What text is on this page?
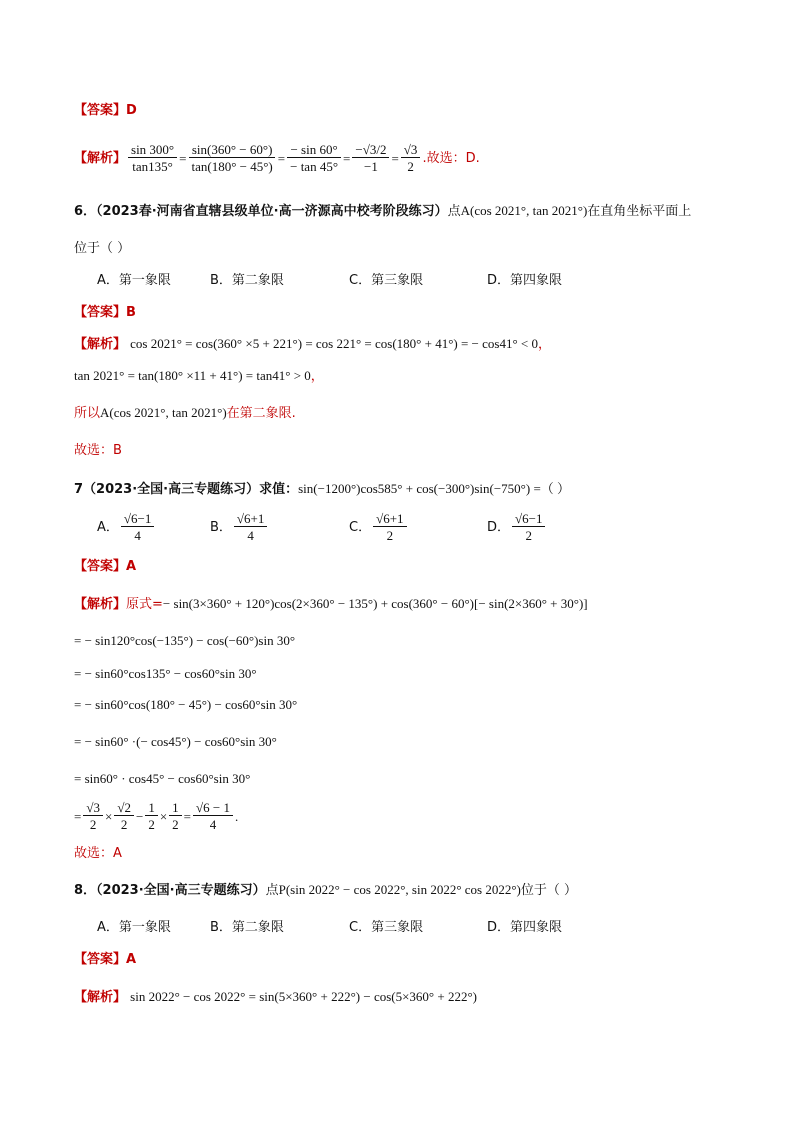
【答案】D
【解析】 $\frac{\sin 300^\circ}{\tan 135^\circ} = \frac{\sin(360^\circ - 60^\circ)}{\tan(180^\circ - 45^\circ)} = \frac{- \sin 60^\circ}{- \tan 45^\circ} = \frac{-√3/2}{-1} = \frac{√3}{2}$ .故选：D.
6．（2023春·河南省直辖县级单位·高一济源高中校考阶段练习）点A(cos 2021°, tan 2021°)在直角坐标平面上
位于（ ）
A．第一象限	B．第二象限	C．第三象限	D．第四象限
【答案】B
【解析】 cos 2021° = cos(360° ×5 + 221°) = cos 221° = cos(180° + 41°) = − cos41° < 0，
tan 2021° = tan(180° ×11 + 41°) = tan41° > 0，
所以A(cos 2021°, tan 2021°)在第二象限.
故选：B
7（2023·全国·高三专题练习）求值：sin(−1200°)cos585° + cos(−300°)sin(−750°) =（ ）
A． $\frac{√6-1}{4}$	B． $\frac{√6+1}{4}$	C． $\frac{√6+1}{2}$	D． $\frac{√6-1}{2}$
【答案】A
【解析】原式=− sin(3×360° + 120°)cos(2×360° − 135°) + cos(360° − 60°)[− sin(2×360° + 30°)]
= − sin120°cos(−135°) − cos(−60°)sin 30°
= − sin60°cos135° − cos60°sin 30°
= − sin60°cos(180° − 45°) − cos60°sin 30°
= − sin60° ·(− cos45°) − cos60°sin 30°
= sin60° · cos45° − cos60°sin 30°
= $\frac{√3}{2} \times \frac{√2}{2} - \frac{1}{2} \times \frac{1}{2} = \frac{√6 - 1}{4}$ .
故选：A
8．（2023·全国·高三专题练习）点P(sin 2022° − cos 2022°, sin 2022° cos 2022°)位于（ ）
A．第一象限	B．第二象限	C．第三象限	D．第四象限
【答案】A
【解析】 sin 2022° − cos 2022° = sin(5×360° + 222°) − cos(5×360° + 222°)
